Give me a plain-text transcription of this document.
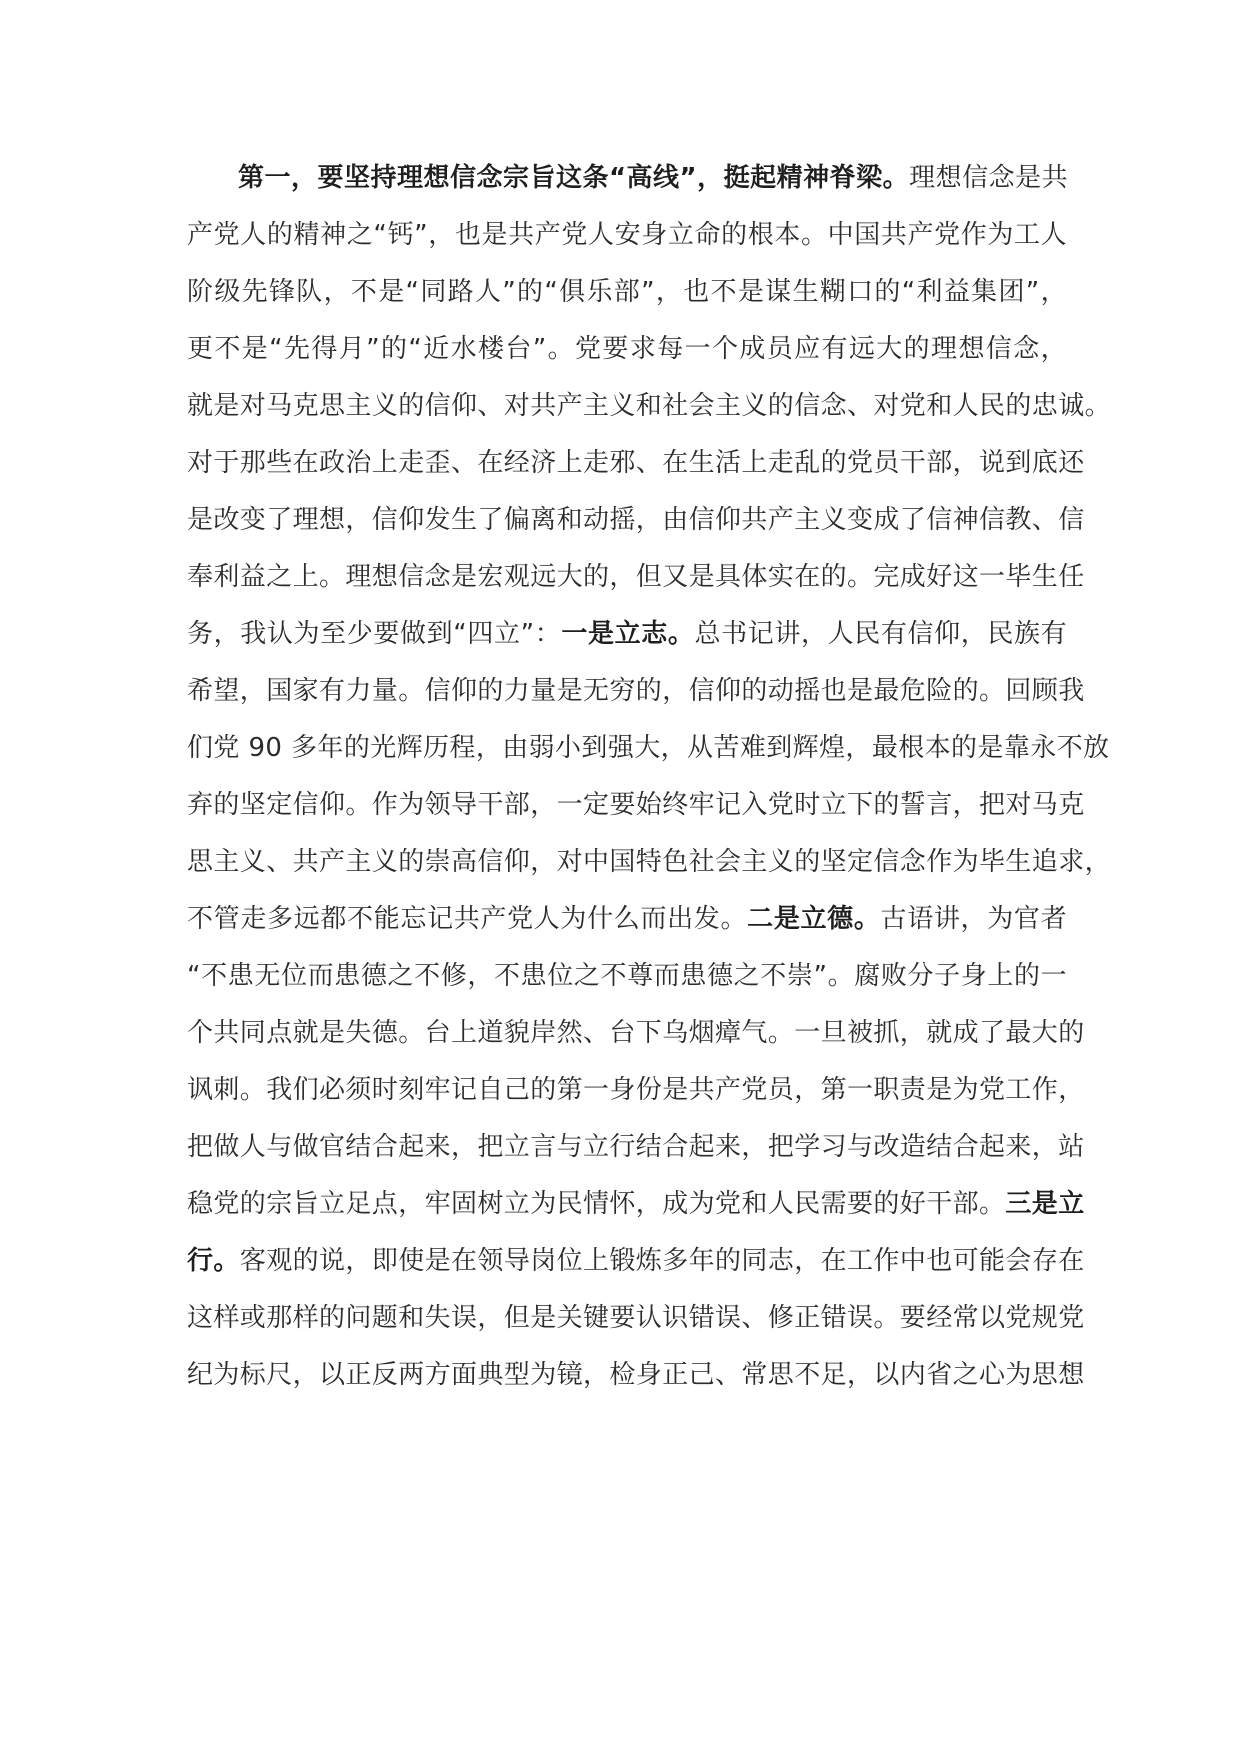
第一，要坚持理想信念宗旨这条“高线”，挺起精神脊梁。理想信念是共
产党人的精神之“钙”，也是共产党人安身立命的根本。中国共产党作为工人
阶级先锋队，不是“同路人”的“俱乐部”，也不是谋生糊口的“利益集团”，
更不是“先得月”的“近水楼台”。党要求每一个成员应有远大的理想信念，
就是对马克思主义的信仰、对共产主义和社会主义的信念、对党和人民的忠诚。
对于那些在政治上走歪、在经济上走邪、在生活上走乱的党员干部，说到底还
是改变了理想，信仰发生了偏离和动摇，由信仰共产主义变成了信神信教、信
奉利益之上。理想信念是宏观远大的，但又是具体实在的。完成好这一毕生任
务，我认为至少要做到“四立”：一是立志。总书记讲，人民有信仰，民族有
希望，国家有力量。信仰的力量是无穷的，信仰的动摇也是最危险的。回顾我
们党 90 多年的光辉历程，由弱小到强大，从苦难到辉煌，最根本的是靠永不放
弃的坚定信仰。作为领导干部，一定要始终牢记入党时立下的誓言，把对马克
思主义、共产主义的崇高信仰，对中国特色社会主义的坚定信念作为毕生追求，
不管走多远都不能忘记共产党人为什么而出发。二是立德。古语讲，为官者
“不患无位而患德之不修，不患位之不尊而患德之不崇”。腐败分子身上的一
个共同点就是失德。台上道貌岸然、台下乌烟瘴气。一旦被抓，就成了最大的
讽刺。我们必须时刻牢记自己的第一身份是共产党员，第一职责是为党工作，
把做人与做官结合起来，把立言与立行结合起来，把学习与改造结合起来，站
稳党的宗旨立足点，牢固树立为民情怀，成为党和人民需要的好干部。三是立
行。客观的说，即使是在领导岗位上锻炼多年的同志，在工作中也可能会存在
这样或那样的问题和失误，但是关键要认识错误、修正错误。要经常以党规党
纪为标尺，以正反两方面典型为镜，检身正己、常思不足，以内省之心为思想
